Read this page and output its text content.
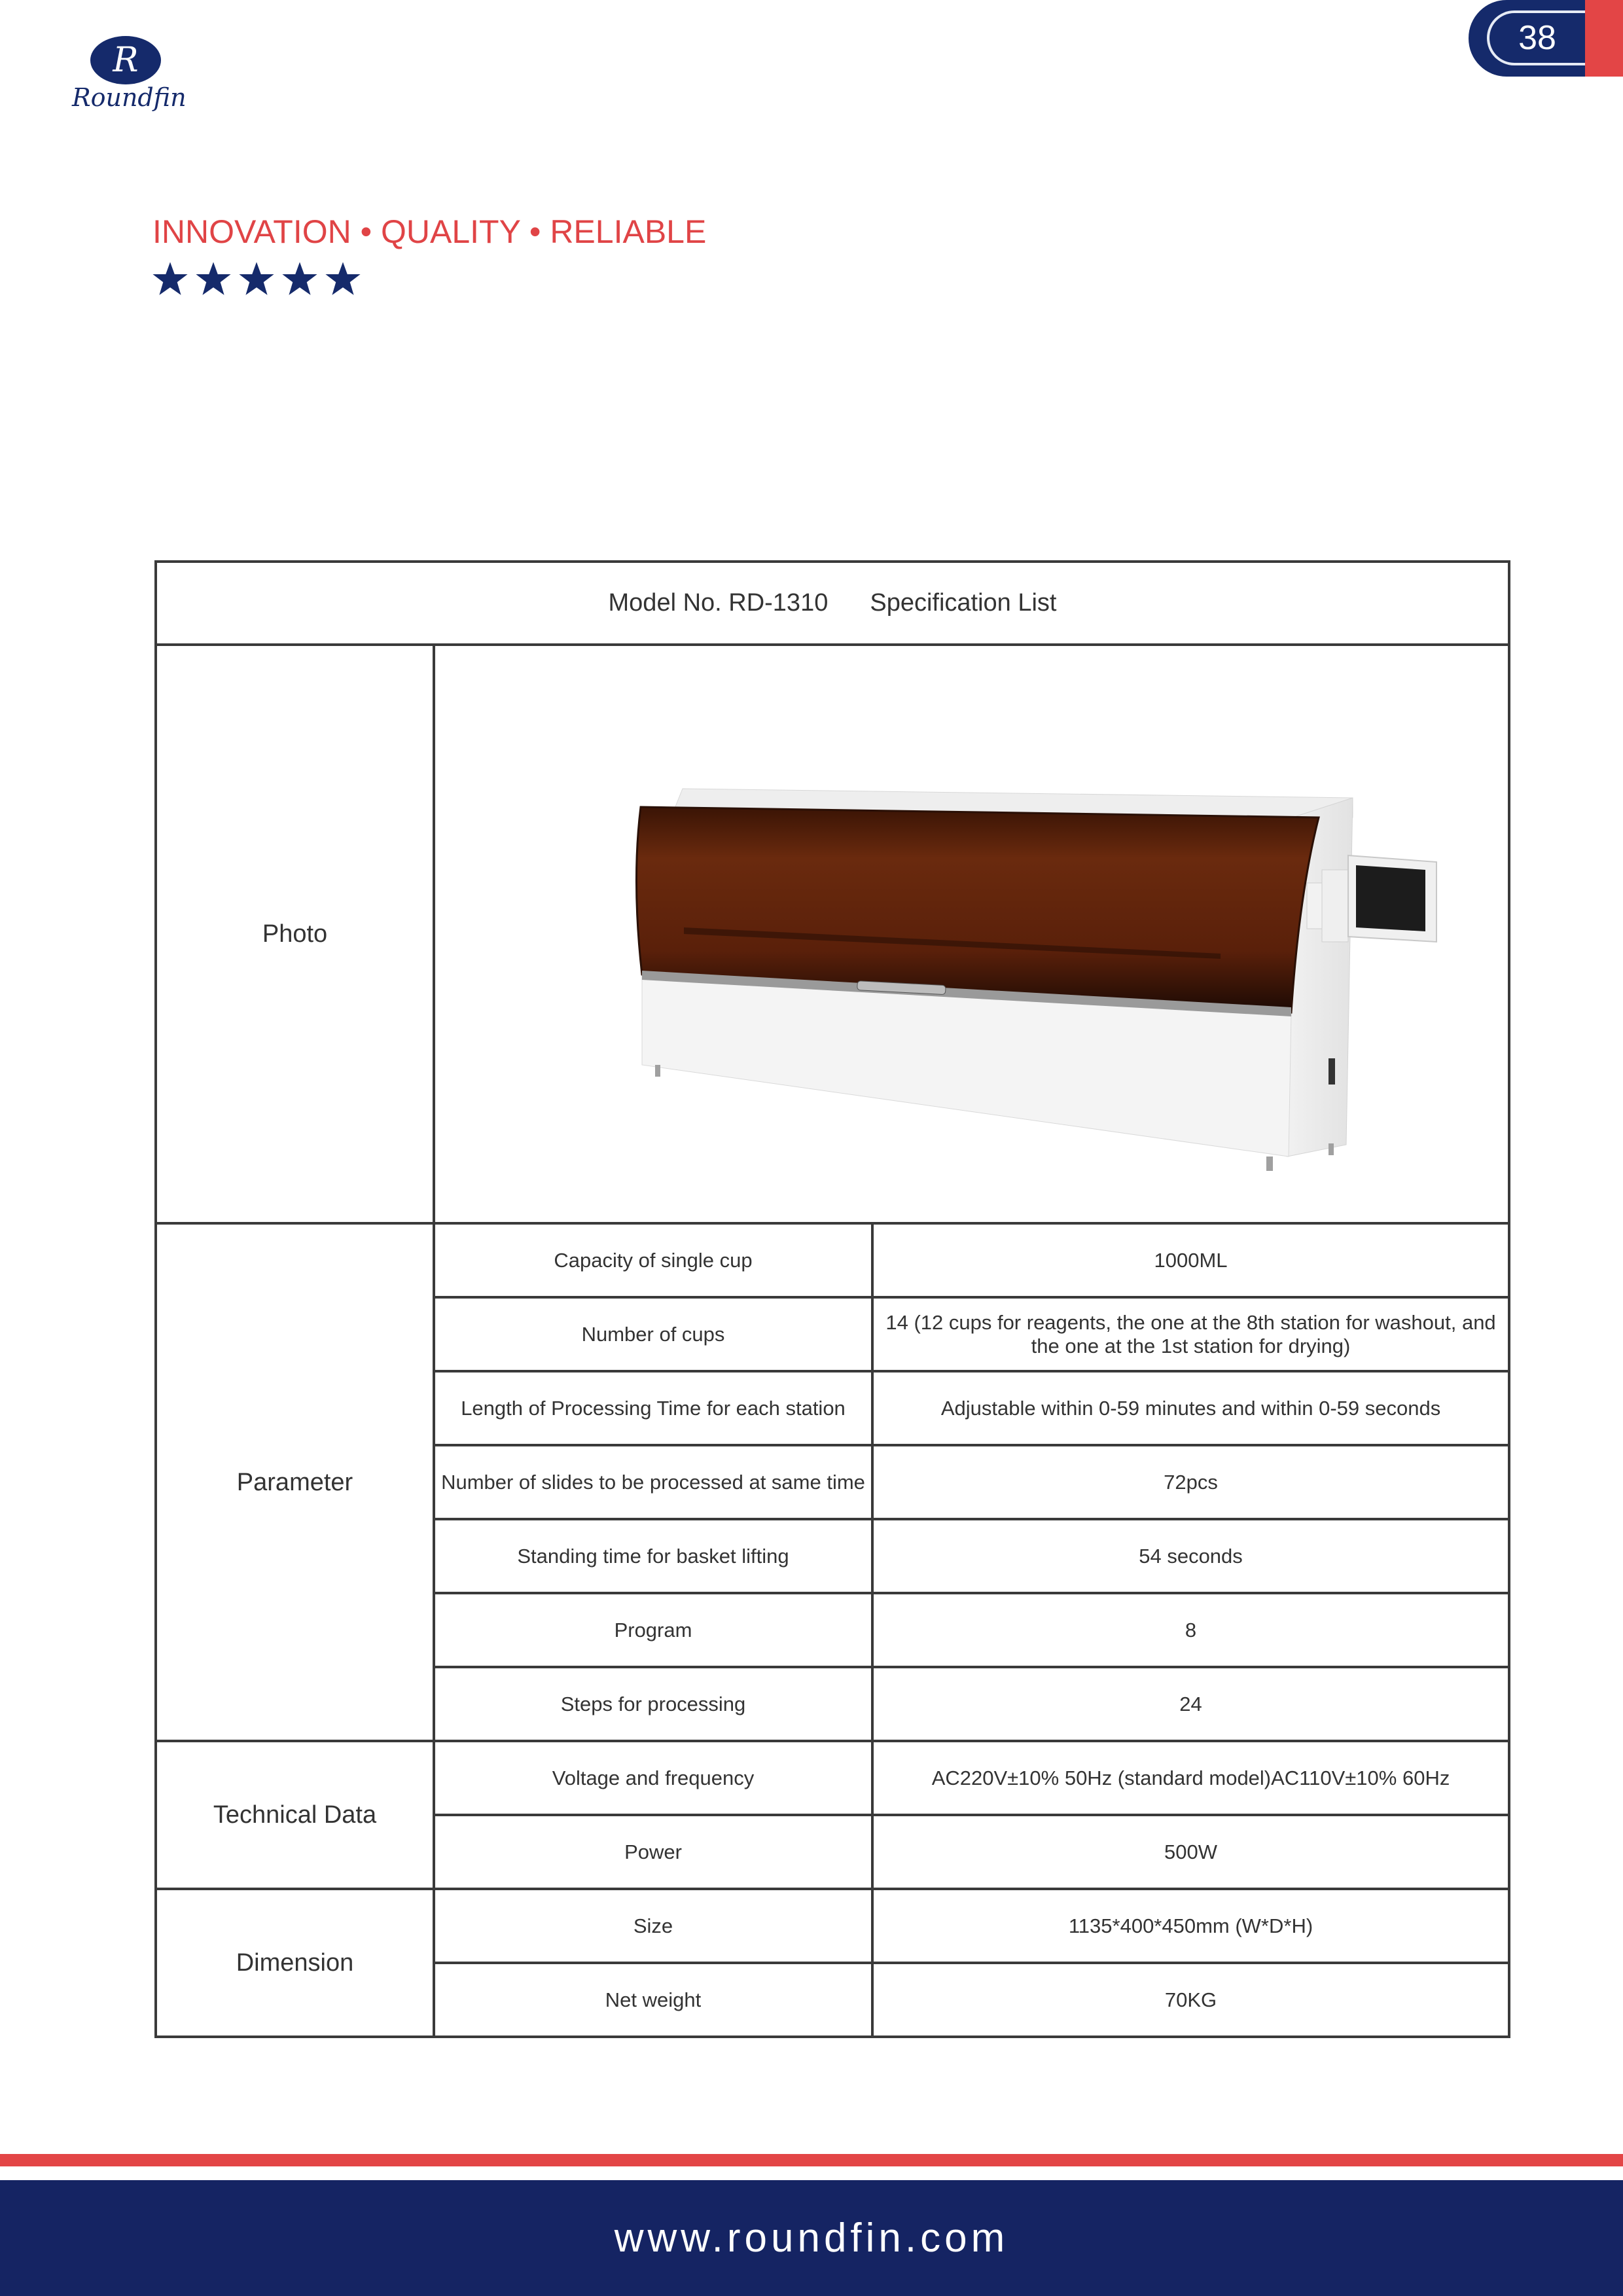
R
Roundfin
38
INNOVATION • QUALITY • RELIABLE
Model No. RD-1310 Specification List		
Photo	

Parameter	Capacity of single cup	1000ML
	Number of cups	14 (12 cups for reagents, the one at the 8th station for washout, and the one at the 1st station for drying)
	Length of Processing Time for each station	Adjustable within 0-59 minutes and within 0-59 seconds
	Number of slides to be processed at same time	72pcs
	Standing time for basket lifting	54 seconds
	Program	8
	Steps for processing	24
Technical Data	Voltage and frequency	AC220V±10% 50Hz (standard model)AC110V±10% 60Hz
	Power	500W
Dimension	Size	1135*400*450mm (W*D*H)
	Net weight	70KG
www.roundfin.com
